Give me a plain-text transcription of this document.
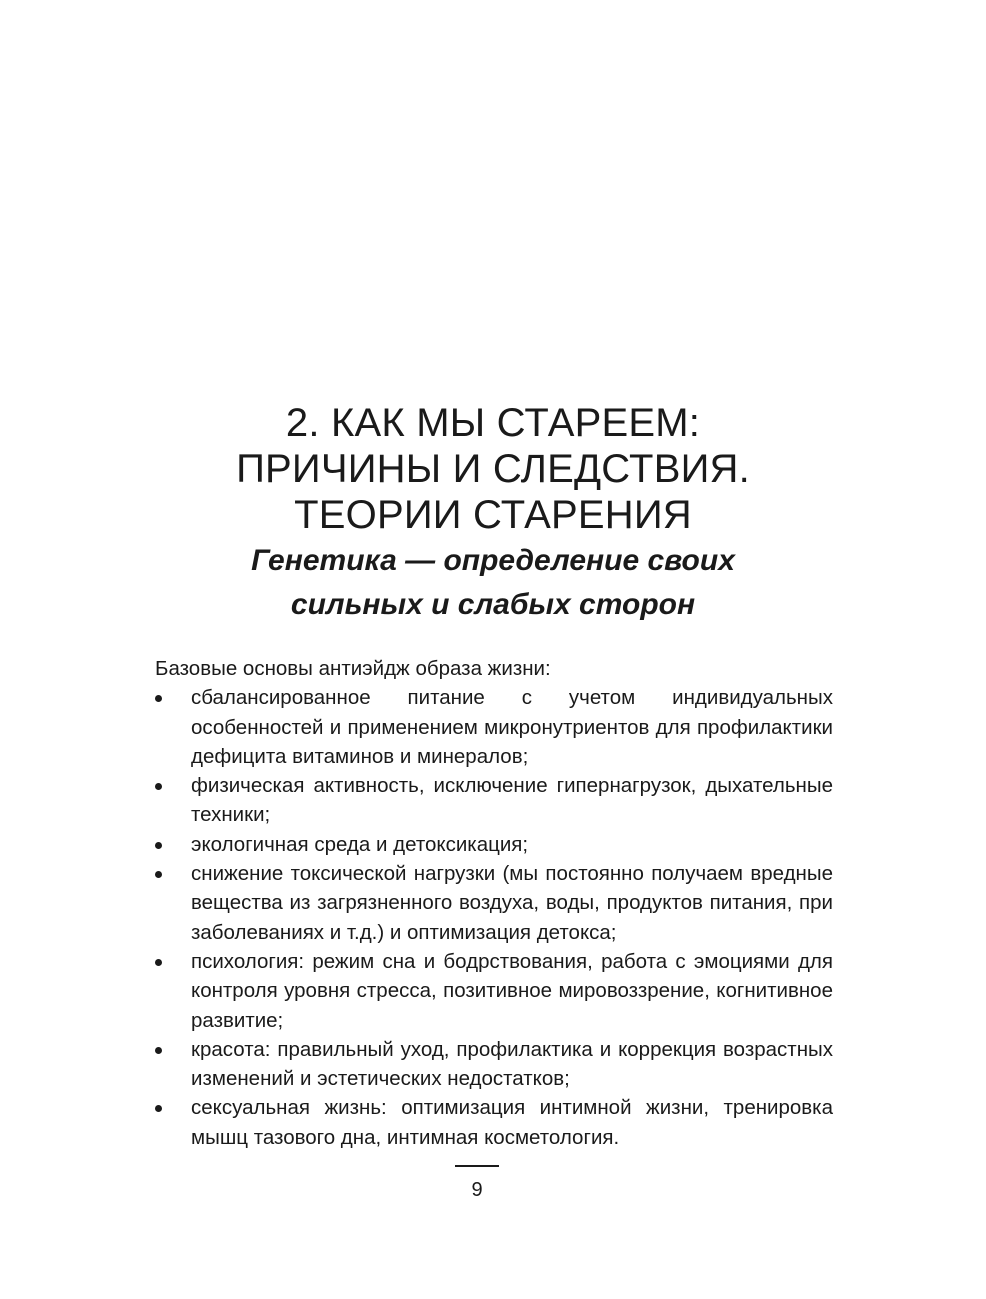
2. КАК МЫ СТАРЕЕМ:
ПРИЧИНЫ И СЛЕДСТВИЯ.
ТЕОРИИ СТАРЕНИЯ
Генетика — определение своих
сильных и слабых сторон

Базовые основы антиэйдж образа жизни:

сбалансированное питание с учетом индивидуальных особенностей и применением микронутриентов для профилактики дефицита витаминов и минералов;
физическая активность, исключение гипернагрузок, дыхательные техники;
экологичная среда и детоксикация;
снижение токсической нагрузки (мы постоянно получаем вредные вещества из загрязненного воздуха, воды, продуктов питания, при заболеваниях и т.д.) и оптимизация детокса;
психология: режим сна и бодрствования, работа с эмоциями для контроля уровня стресса, позитивное мировоззрение, когнитивное развитие;
красота: правильный уход, профилактика и коррекция возрастных изменений и эстетических недостатков;
сексуальная жизнь: оптимизация интимной жизни, тренировка мышц тазового дна, интимная косметология.
9
